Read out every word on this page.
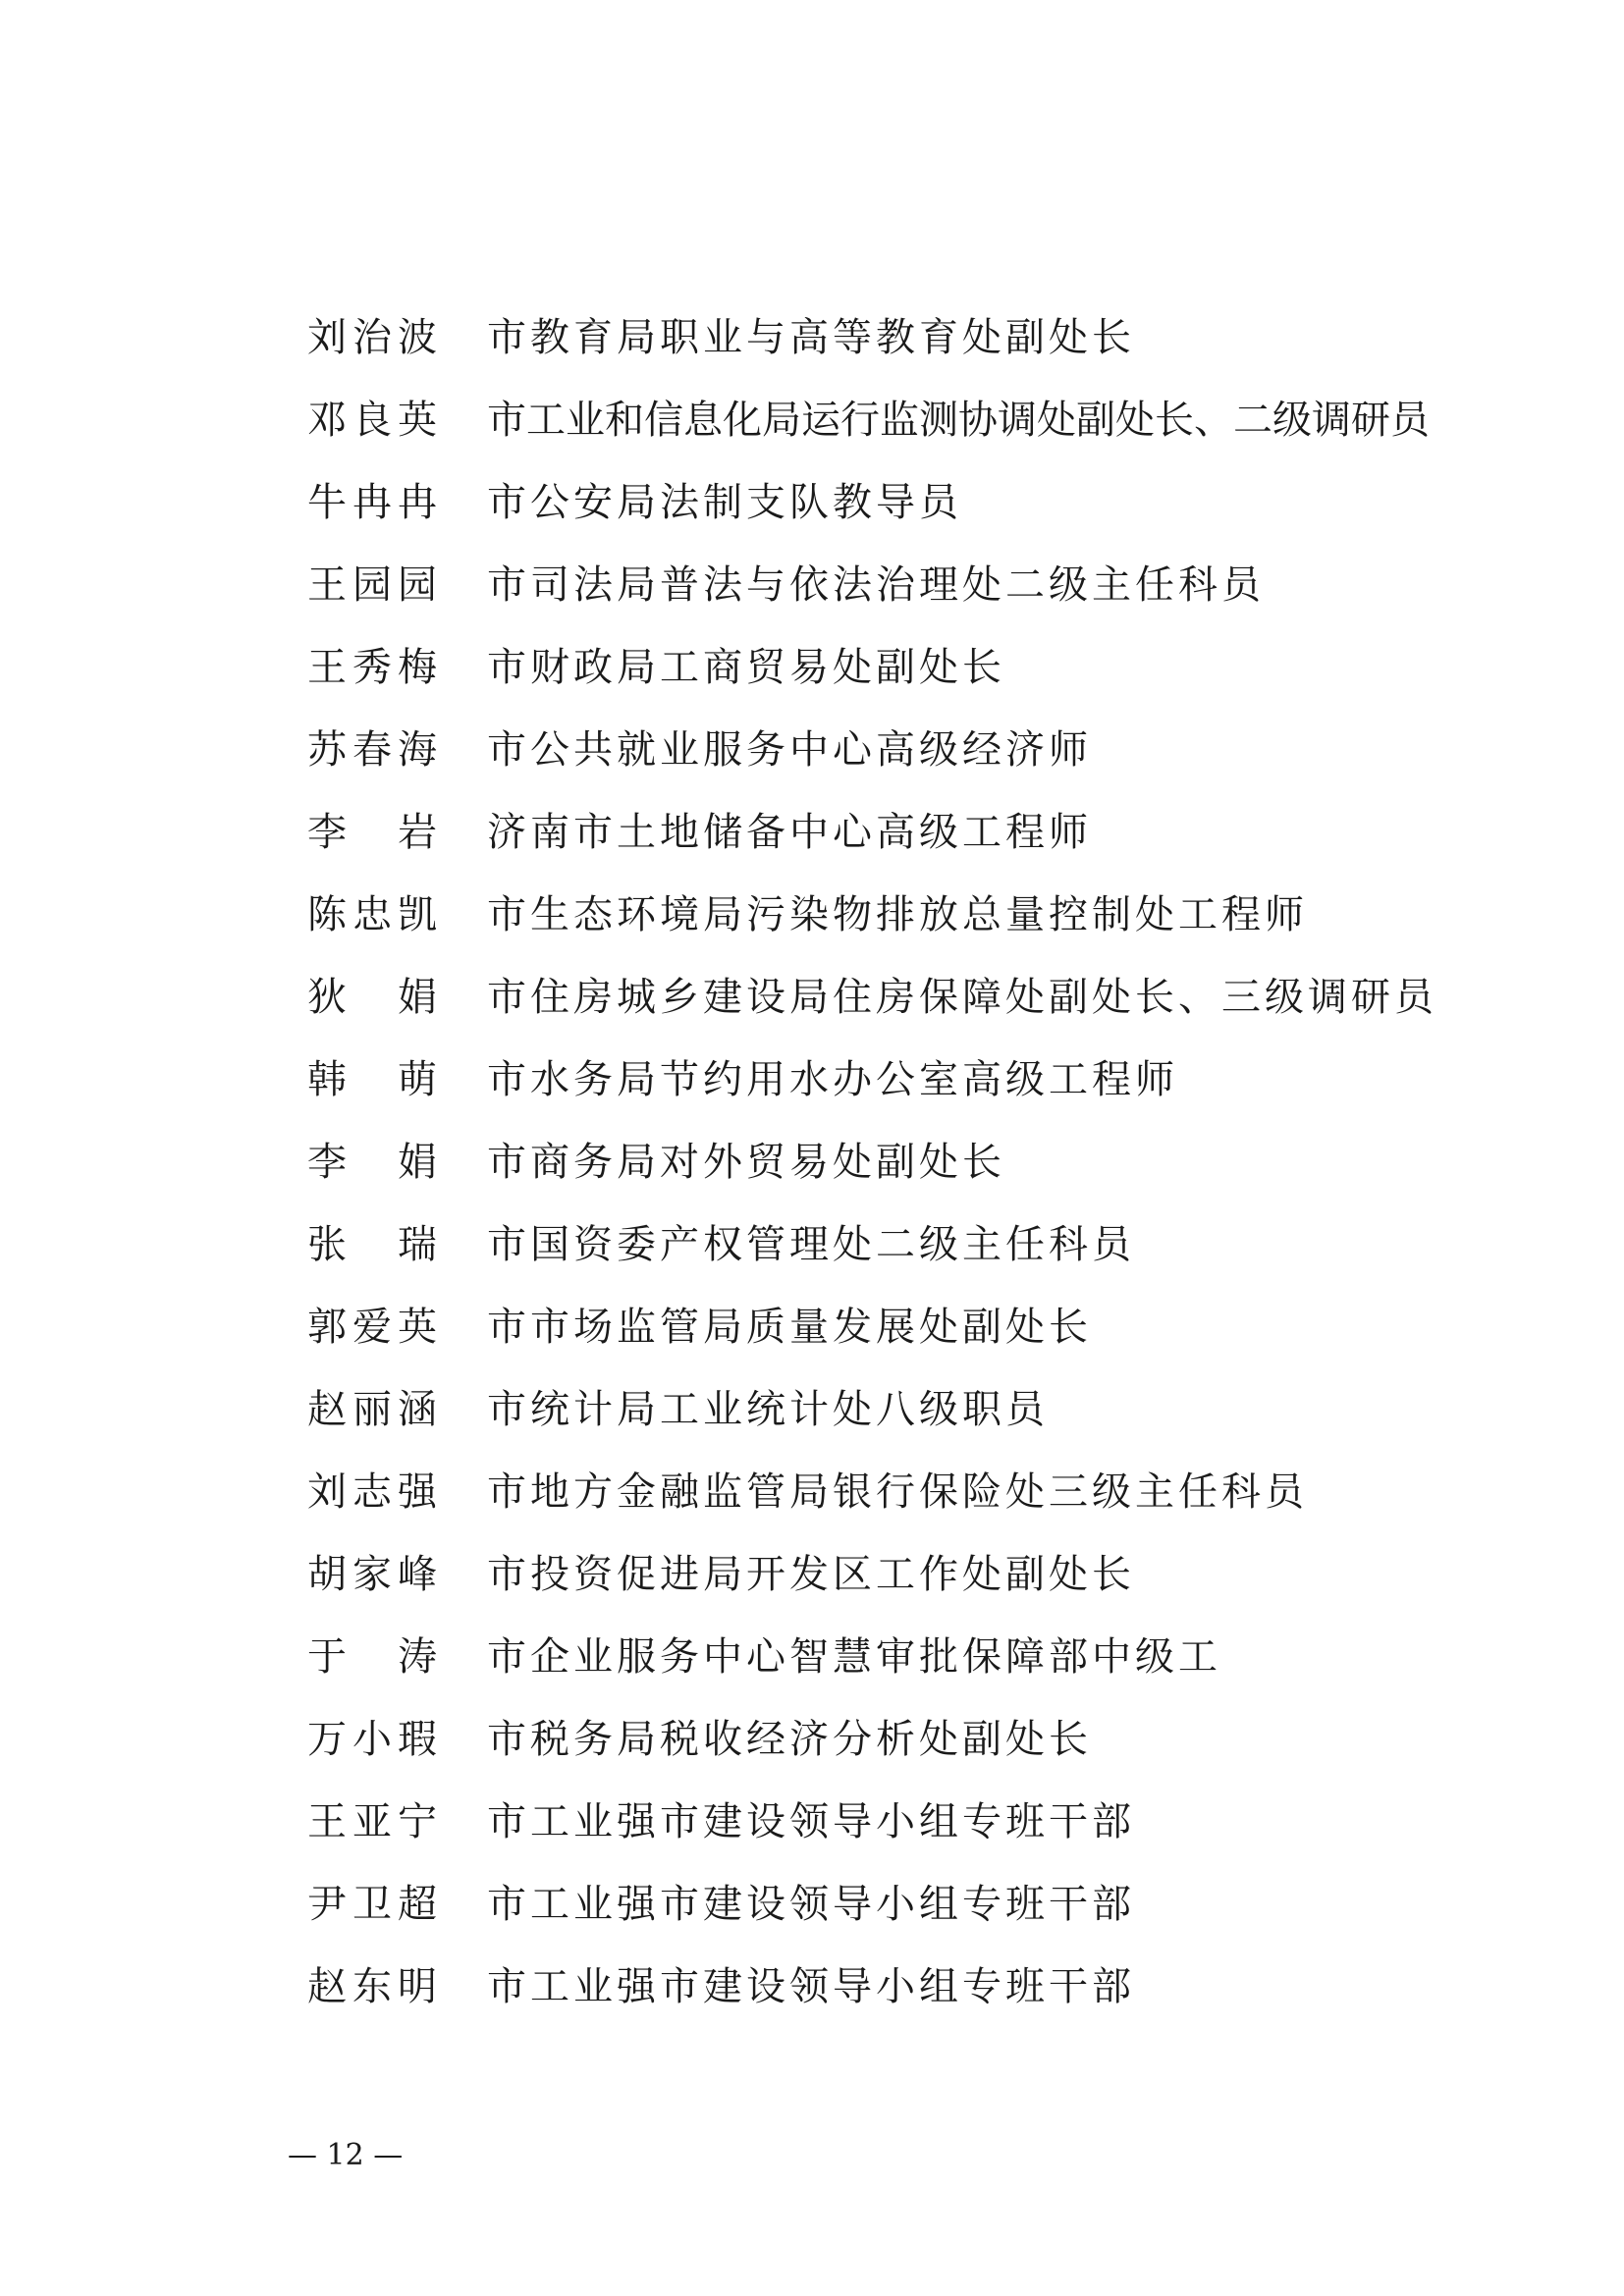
刘治波 市教育局职业与高等教育处副处长
邓良英 市工业和信息化局运行监测协调处副处长、二级调研员
牛冉冉 市公安局法制支队教导员
王园园 市司法局普法与依法治理处二级主任科员
王秀梅 市财政局工商贸易处副处长
苏春海 市公共就业服务中心高级经济师
李岩 济南市土地储备中心高级工程师
陈忠凯 市生态环境局污染物排放总量控制处工程师
狄娟 市住房城乡建设局住房保障处副处长、三级调研员
韩萌 市水务局节约用水办公室高级工程师
李娟 市商务局对外贸易处副处长
张瑞 市国资委产权管理处二级主任科员
郭爱英 市市场监管局质量发展处副处长
赵丽涵 市统计局工业统计处八级职员
刘志强 市地方金融监管局银行保险处三级主任科员
胡家峰 市投资促进局开发区工作处副处长
于涛 市企业服务中心智慧审批保障部中级工
万小瑕 市税务局税收经济分析处副处长
王亚宁 市工业强市建设领导小组专班干部
尹卫超 市工业强市建设领导小组专班干部
赵东明 市工业强市建设领导小组专班干部
— 12 —
